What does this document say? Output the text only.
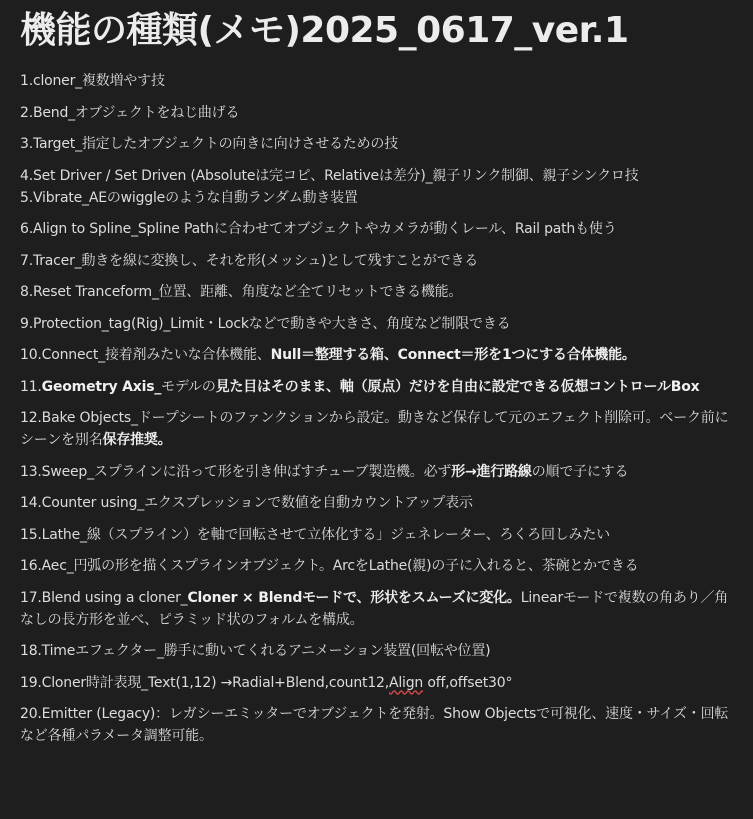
機能の種類(メモ)2025_0617_ver.1
1.cloner_複数増やす技
2.Bend_オブジェクトをねじ曲げる
3.Target_指定したオブジェクトの向きに向けさせるための技
4.Set Driver / Set Driven (Absoluteは完コピ、Relativeは差分)_親子リンク制御、親子シンクロ技
5.Vibrate_AEのwiggleのような自動ランダム動き装置
6.Align to Spline_Spline Pathに合わせてオブジェクトやカメラが動くレール、Rail pathも使う
7.Tracer_動きを線に変換し、それを形(メッシュ)として残すことができる
8.Reset Tranceform_位置、距離、角度など全てリセットできる機能。
9.Protection_tag(Rig)_Limit・Lockなどで動きや大きさ、角度など制限できる
10.Connect_接着剤みたいな合体機能、Null＝整理する箱、Connect＝形を1つにする合体機能。
11.Geometry Axis_モデルの見た目はそのまま、軸（原点）だけを自由に設定できる仮想コントロールBox
12.Bake Objects_ドープシートのファンクションから設定。動きなど保存して元のエフェクト削除可。ベーク前にシーンを別名保存推奨。
13.Sweep_スプラインに沿って形を引き伸ばすチューブ製造機。必ず形→進行路線の順で子にする
14.Counter using_エクスプレッションで数値を自動カウントアップ表示
15.Lathe_線（スプライン）を軸で回転させて立体化する」ジェネレーター、ろくろ回しみたい
16.Aec_円弧の形を描くスプラインオブジェクト。ArcをLathe(親)の子に入れると、茶碗とかできる
17.Blend using a cloner_Cloner × Blendモードで、形状をスムーズに変化。Linearモードで複数の角あり／角なしの長方形を並べ、ピラミッド状のフォルムを構成。
18.Timeエフェクター_勝手に動いてくれるアニメーション装置(回転や位置)
19.Cloner時計表現_Text(1,12) →Radial+Blend,count12,Align off,offset30°
20.Emitter (Legacy)：レガシーエミッターでオブジェクトを発射。Show Objectsで可視化、速度・サイズ・回転など各種パラメータ調整可能。
